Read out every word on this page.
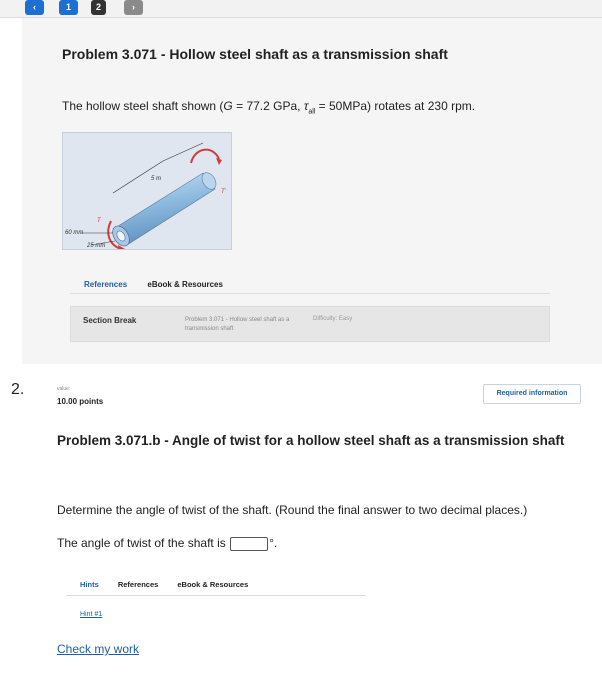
‹	1	2	›
Problem 3.071 - Hollow steel shaft as a transmission shaft
The hollow steel shaft shown (G = 77.2 GPa, $\tau_{all} = 50MPa$) rotates at 230 rpm.
5 m
60 mm
25 mm
T
T'
References	eBook & Resources
Section Break	Problem 3.071 - Hollow steel shaft as a transmission shaft
Difficulty: Easy
2.	value:
10.00 points
Required information
Problem 3.071.b - Angle of twist for a hollow steel shaft as a transmission shaft
Determine the angle of twist of the shaft. (Round the final answer to two decimal places.)
The angle of twist of the shaft is	°.
Hints	References	eBook & Resources
Hint #1
Check my work
